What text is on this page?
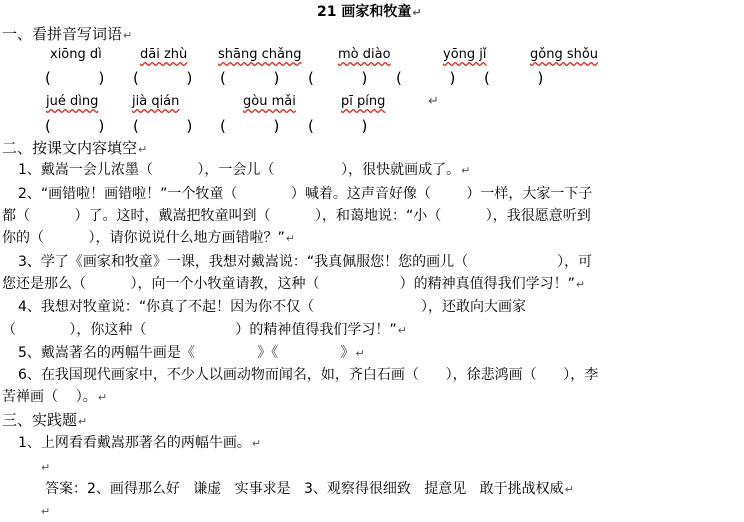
21 画家和牧童↵
一、看拼音写词语↵
xiōng dì	dāi zhù shāng chǎng	mò diào	yōng jǐ	gǒng shǒu
(          ) (          ) (          ) (          ) (          ) (          )
jué dìng	jià qián	gòu mǎi	pī píng	↵
(          ) (          ) (          ) (          )
二、按课文内容填空↵
1、戴嵩一会儿浓墨（          ），一会儿（               ），很快就画成了。↵
2、“画错啦！画错啦！”一个牧童（            ）喊着。这声音好像（        ）一样，大家一下子
都（          ）了。这时，戴嵩把牧童叫到（          ），和蔼地说：“小（          ），我很愿意听到
你的（          ），请你说说什么地方画错啦？”↵
3、学了《画家和牧童》一课，我想对戴嵩说：“我真佩服您！您的画儿（                    ），可
您还是那么（          ），向一个小牧童请教，这种（                  ）的精神真值得我们学习！”↵
4、我想对牧童说：“你真了不起！因为你不仅（                        ），还敢向大画家
（            ），你这种（                    ）的精神值得我们学习！”↵
5、戴嵩著名的两幅牛画是《              》《              》↵
6、在我国现代画家中，不少人以画动物而闻名，如，齐白石画（      ），徐悲鸿画（      ），李
苦禅画（    ）。↵
三、实践题↵
1、上网看看戴嵩那著名的两幅牛画。↵
↵
答案：2、画得那么好   谦虚   实事求是   3、观察得很细致   提意见   敢于挑战权威↵
↵
